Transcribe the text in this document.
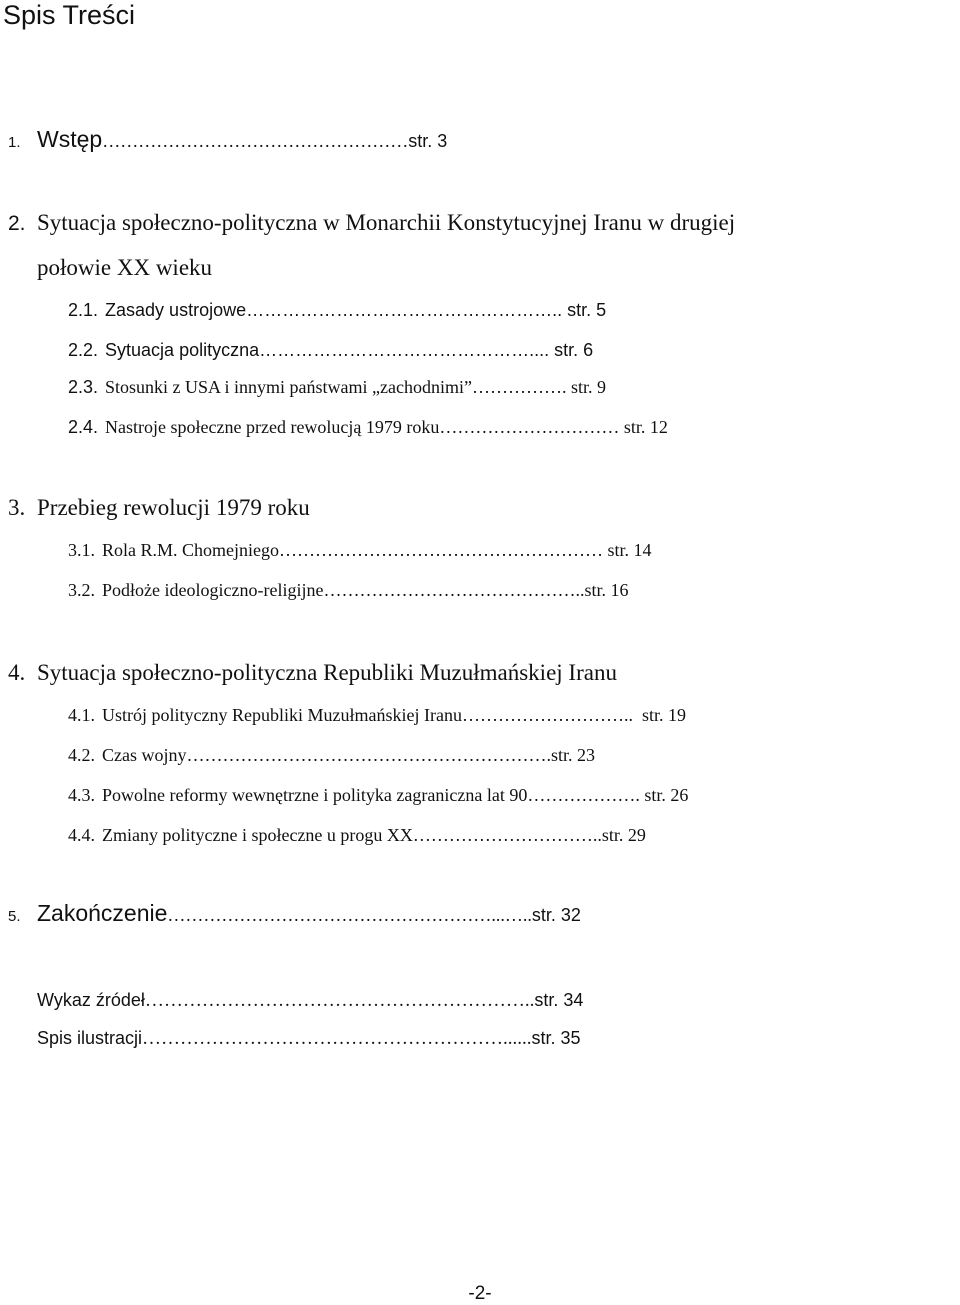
Spis Treści
1. Wstęp …………………………………………… str. 3
2. Sytuacja społeczno-polityczna w Monarchii Konstytucyjnej Iranu w drugiej
połowie XX wieku
2.1. Zasady ustrojowe …………………………………………….. str. 5
2.2. Sytuacja polityczna ……………………………………….... str. 6
2.3. Stosunki z USA i innymi państwami „zachodnimi” ……………. str. 9
2.4. Nastroje społeczne przed rewolucją 1979 roku ………………………… str. 12
3. Przebieg rewolucji 1979 roku
3.1. Rola R.M. Chomejniego ……………………………………………… str. 14
3.2. Podłoże ideologiczno-religijne …………………………………….. str. 16
4. Sytuacja społeczno-polityczna Republiki Muzułmańskiej Iranu
4.1. Ustrój polityczny Republiki Muzułmańskiej Iranu ……………………….. str. 19
4.2. Czas wojny ……………………………………………………. str. 23
4.3. Powolne reformy wewnętrzne i polityka zagraniczna lat 90 ………………. str. 26
4.4. Zmiany polityczne i społeczne u progu XX ………………………….. str. 29
5. Zakończenie ………………………………………………...….. str. 32
Wykaz źródeł …………………………………………………….. str. 34
Spis ilustracji …………………………………………………...... str. 35
-2-
